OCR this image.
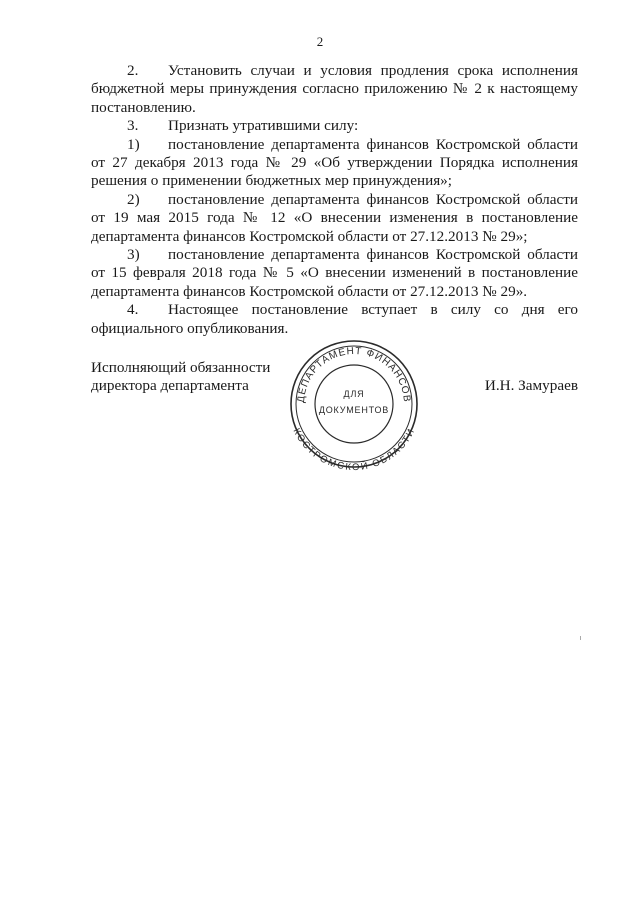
2

2. Установить случаи и условия продления срока исполнения бюджетной меры принуждения согласно приложению № 2 к настоящему постановлению.

3. Признать утратившими силу:

1) постановление департамента финансов Костромской области от 27 декабря 2013 года № 29 «Об утверждении Порядка исполнения решения о применении бюджетных мер принуждения»;

2) постановление департамента финансов Костромской области от 19 мая 2015 года № 12 «О внесении изменения в постановление департамента финансов Костромской области от 27.12.2013 № 29»;

3) постановление департамента финансов Костромской области от 15 февраля 2018 года № 5 «О внесении изменений в постановление департамента финансов Костромской области от 27.12.2013 № 29».

4. Настоящее постановление вступает в силу со дня его официального опубликования.

Исполняющий обязанности
директора департамента
ДЕПАРТАМЕНТ ФИНАНСОВ
КОСТРОМСКОЙ ОБЛАСТИ
ДЛЯ
ДОКУМЕНТОВ
И.Н. Замураев
